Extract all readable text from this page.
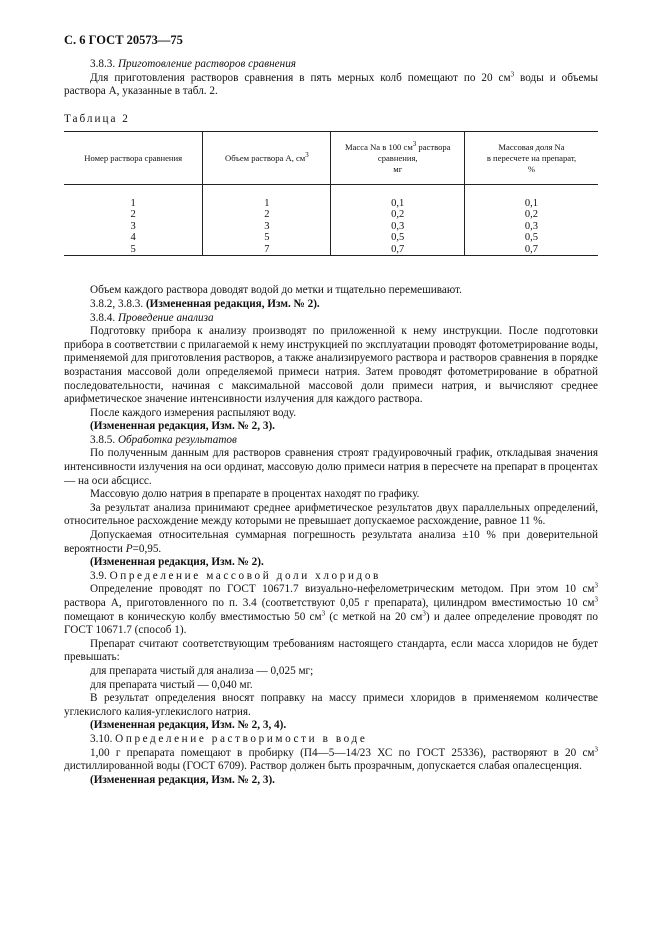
С. 6 ГОСТ 20573—75

3.8.3. Приготовление растворов сравнения

Для приготовления растворов сравнения в пять мерных колб помещают по 20 $см^3$ воды и объемы раствора А, указанные в табл. 2.

Таблица 2

Номер раствора сравнения	Объем раствора А, $см^3$	Масса Na в 100 $см^3$ раствора сравнения,
мг	Массовая доля Na
в пересчете на препарат,
%
1	1	0,1	0,1
2	2	0,2	0,2
3	3	0,3	0,3
4	5	0,5	0,5
5	7	0,7	0,7

Объем каждого раствора доводят водой до метки и тщательно перемешивают.

3.8.2, 3.8.3. (Измененная редакция, Изм. № 2).

3.8.4. Проведение анализа

Подготовку прибора к анализу производят по приложенной к нему инструкции. После подготовки прибора в соответствии с прилагаемой к нему инструкцией по эксплуатации проводят фотометрирование воды, применяемой для приготовления растворов, а также анализируемого раствора и растворов сравнения в порядке возрастания массовой доли определяемой примеси натрия. Затем проводят фотометрирование в обратной последовательности, начиная с максимальной массовой доли примеси натрия, и вычисляют среднее арифметическое значение интенсивности излучения для каждого раствора.

После каждого измерения распыляют воду.

(Измененная редакция, Изм. № 2, 3).

3.8.5. Обработка результатов

По полученным данным для растворов сравнения строят градуировочный график, откладывая значения интенсивности излучения на оси ординат, массовую долю примеси натрия в пересчете на препарат в процентах — на оси абсцисс.

Массовую долю натрия в препарате в процентах находят по графику.

За результат анализа принимают среднее арифметическое результатов двух параллельных определений, относительное расхождение между которыми не превышает допускаемое расхождение, равное 11 %.

Допускаемая относительная суммарная погрешность результата анализа ±10 % при доверительной вероятности Р=0,95.

(Измененная редакция, Изм. № 2).

3.9. Определение массовой доли хлоридов

Определение проводят по ГОСТ 10671.7 визуально-нефелометрическим методом. При этом 10 $см^3$ раствора А, приготовленного по п. 3.4 (соответствуют 0,05 г препарата), цилиндром вместимостью 10 $см^3$ помещают в коническую колбу вместимостью 50 $см^3$ (с меткой на 20 $см^3$) и далее определение проводят по ГОСТ 10671.7 (способ 1).

Препарат считают соответствующим требованиям настоящего стандарта, если масса хлоридов не будет превышать:

для препарата чистый для анализа — 0,025 мг;

для препарата чистый — 0,040 мг.

В результат определения вносят поправку на массу примеси хлоридов в применяемом количестве углекислого калия-углекислого натрия.

(Измененная редакция, Изм. № 2, 3, 4).

3.10. Определение растворимости в воде

1,00 г препарата помещают в пробирку (П4—5—14/23 ХС по ГОСТ 25336), растворяют в 20 $см^3$ дистиллированной воды (ГОСТ 6709). Раствор должен быть прозрачным, допускается слабая опалесценция.

(Измененная редакция, Изм. № 2, 3).
